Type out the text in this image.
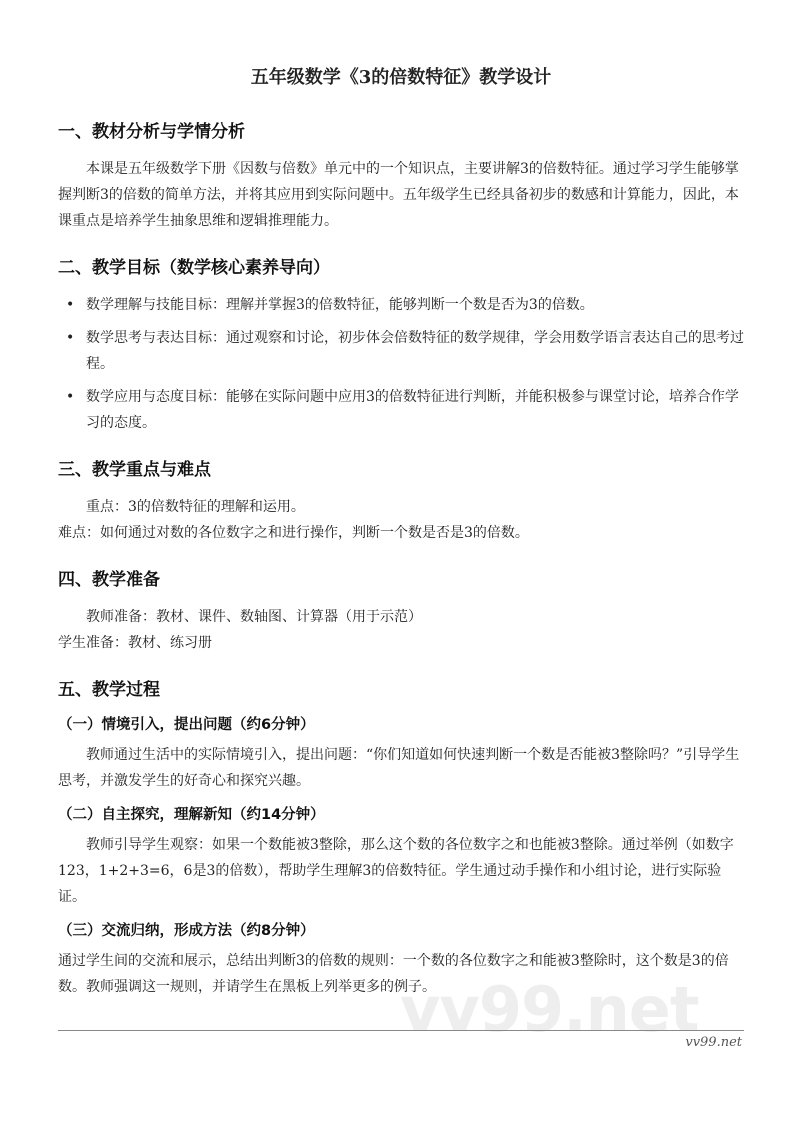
vv99.net
五年级数学《3的倍数特征》教学设计
一、教材分析与学情分析

本课是五年级数学下册《因数与倍数》单元中的一个知识点，主要讲解3的倍数特征。通过学习学生能够掌握判断3的倍数的简单方法，并将其应用到实际问题中。五年级学生已经具备初步的数感和计算能力，因此，本课重点是培养学生抽象思维和逻辑推理能力。

二、教学目标（数学核心素养导向）
• 数学理解与技能目标：理解并掌握3的倍数特征，能够判断一个数是否为3的倍数。
• 数学思考与表达目标：通过观察和讨论，初步体会倍数特征的数学规律，学会用数学语言表达自己的思考过程。
• 数学应用与态度目标：能够在实际问题中应用3的倍数特征进行判断，并能积极参与课堂讨论，培养合作学习的态度。
三、教学重点与难点

重点：3的倍数特征的理解和运用。

难点：如何通过对数的各位数字之和进行操作，判断一个数是否是3的倍数。

四、教学准备

教师准备：教材、课件、数轴图、计算器（用于示范）

学生准备：教材、练习册

五、教学过程
（一）情境引入，提出问题（约6分钟）

教师通过生活中的实际情境引入，提出问题：“你们知道如何快速判断一个数是否能被3整除吗？”引导学生思考，并激发学生的好奇心和探究兴趣。

（二）自主探究，理解新知（约14分钟）

教师引导学生观察：如果一个数能被3整除，那么这个数的各位数字之和也能被3整除。通过举例（如数字123，1+2+3=6，6是3的倍数），帮助学生理解3的倍数特征。学生通过动手操作和小组讨论，进行实际验证。

（三）交流归纳，形成方法（约8分钟）

通过学生间的交流和展示，总结出判断3的倍数的规则：一个数的各位数字之和能被3整除时，这个数是3的倍数。教师强调这一规则，并请学生在黑板上列举更多的例子。

vv99.net
